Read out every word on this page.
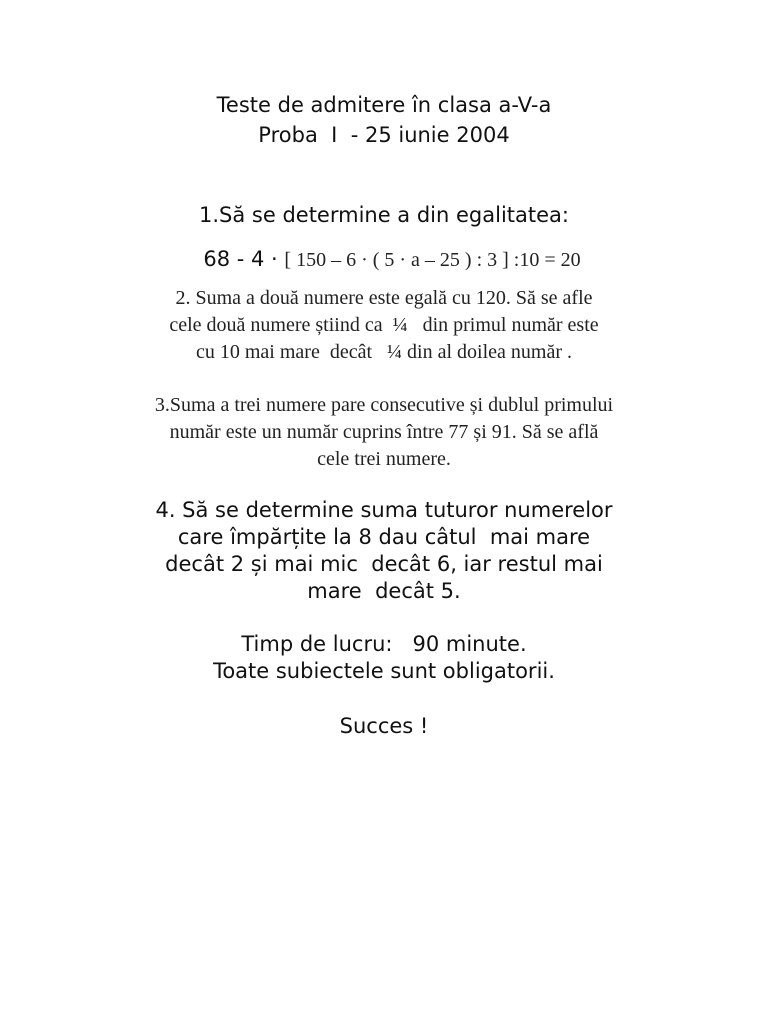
Teste de admitere în clasa a-V-a
Proba  I  - 25 iunie 2004
1.Să se determine a din egalitatea:

68 - 4 · [ 150 – 6 · ( 5 · a – 25 ) : 3 ] :10 = 20

2. Suma a două numere este egală cu 120. Să se afle
cele două numere știind ca  ¼   din primul număr este
cu 10 mai mare  decât   ¼ din al doilea număr .
3.Suma a trei numere pare consecutive și dublul primului
număr este un număr cuprins între 77 și 91. Să se află
cele trei numere.
4. Să se determine suma tuturor numerelor
care împărțite la 8 dau câtul  mai mare
decât 2 și mai mic  decât 6, iar restul mai
mare  decât 5.
Timp de lucru:   90 minute.
Toate subiectele sunt obligatorii.
Succes !
